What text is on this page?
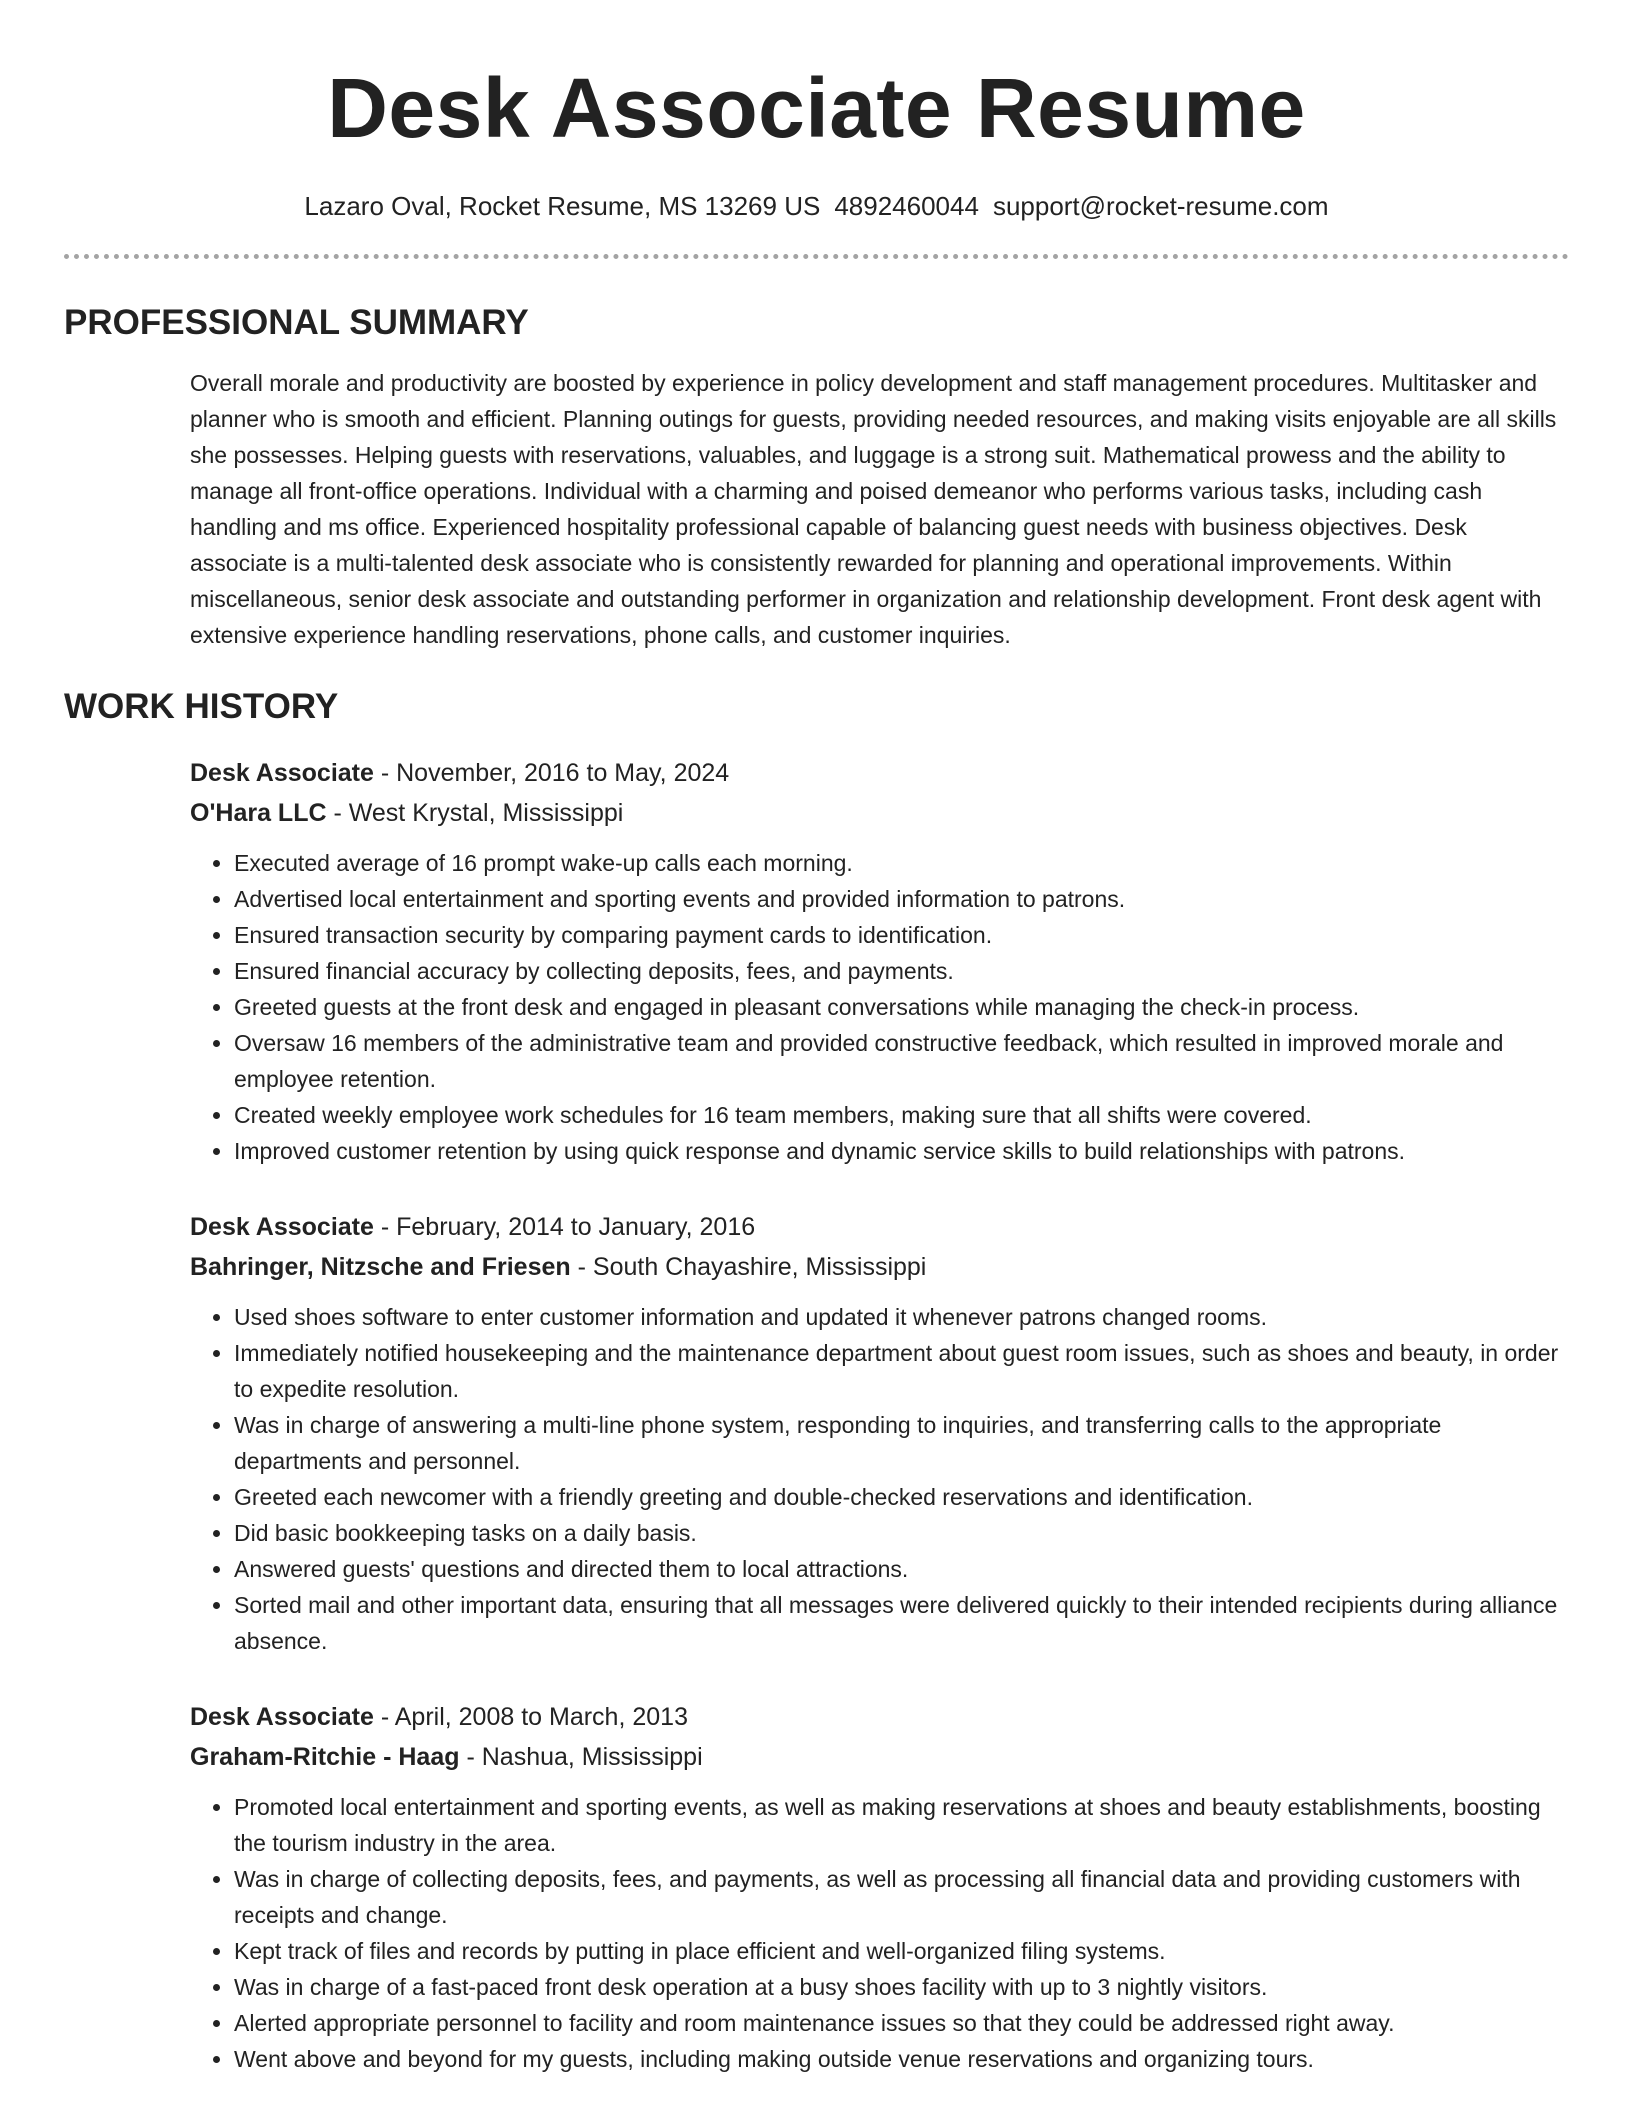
Desk Associate Resume
Lazaro Oval, Rocket Resume, MS 13269 US 4892460044 support@rocket-resume.com
PROFESSIONAL SUMMARY

Overall morale and productivity are boosted by experience in policy development and staff management procedures. Multitasker and planner who is smooth and efficient. Planning outings for guests, providing needed resources, and making visits enjoyable are all skills she possesses. Helping guests with reservations, valuables, and luggage is a strong suit. Mathematical prowess and the ability to manage all front-office operations. Individual with a charming and poised demeanor who performs various tasks, including cash handling and ms office. Experienced hospitality professional capable of balancing guest needs with business objectives. Desk associate is a multi-talented desk associate who is consistently rewarded for planning and operational improvements. Within miscellaneous, senior desk associate and outstanding performer in organization and relationship development. Front desk agent with extensive experience handling reservations, phone calls, and customer inquiries.

WORK HISTORY
Desk Associate - November, 2016 to May, 2024
O'Hara LLC - West Krystal, Mississippi
• Executed average of 16 prompt wake-up calls each morning.
• Advertised local entertainment and sporting events and provided information to patrons.
• Ensured transaction security by comparing payment cards to identification.
• Ensured financial accuracy by collecting deposits, fees, and payments.
• Greeted guests at the front desk and engaged in pleasant conversations while managing the check-in process.
• Oversaw 16 members of the administrative team and provided constructive feedback, which resulted in improved morale and employee retention.
• Created weekly employee work schedules for 16 team members, making sure that all shifts were covered.
• Improved customer retention by using quick response and dynamic service skills to build relationships with patrons.
Desk Associate - February, 2014 to January, 2016
Bahringer, Nitzsche and Friesen - South Chayashire, Mississippi
• Used shoes software to enter customer information and updated it whenever patrons changed rooms.
• Immediately notified housekeeping and the maintenance department about guest room issues, such as shoes and beauty, in order to expedite resolution.
• Was in charge of answering a multi-line phone system, responding to inquiries, and transferring calls to the appropriate departments and personnel.
• Greeted each newcomer with a friendly greeting and double-checked reservations and identification.
• Did basic bookkeeping tasks on a daily basis.
• Answered guests' questions and directed them to local attractions.
• Sorted mail and other important data, ensuring that all messages were delivered quickly to their intended recipients during alliance absence.
Desk Associate - April, 2008 to March, 2013
Graham-Ritchie - Haag - Nashua, Mississippi
• Promoted local entertainment and sporting events, as well as making reservations at shoes and beauty establishments, boosting the tourism industry in the area.
• Was in charge of collecting deposits, fees, and payments, as well as processing all financial data and providing customers with receipts and change.
• Kept track of files and records by putting in place efficient and well-organized filing systems.
• Was in charge of a fast-paced front desk operation at a busy shoes facility with up to 3 nightly visitors.
• Alerted appropriate personnel to facility and room maintenance issues so that they could be addressed right away.
• Went above and beyond for my guests, including making outside venue reservations and organizing tours.
